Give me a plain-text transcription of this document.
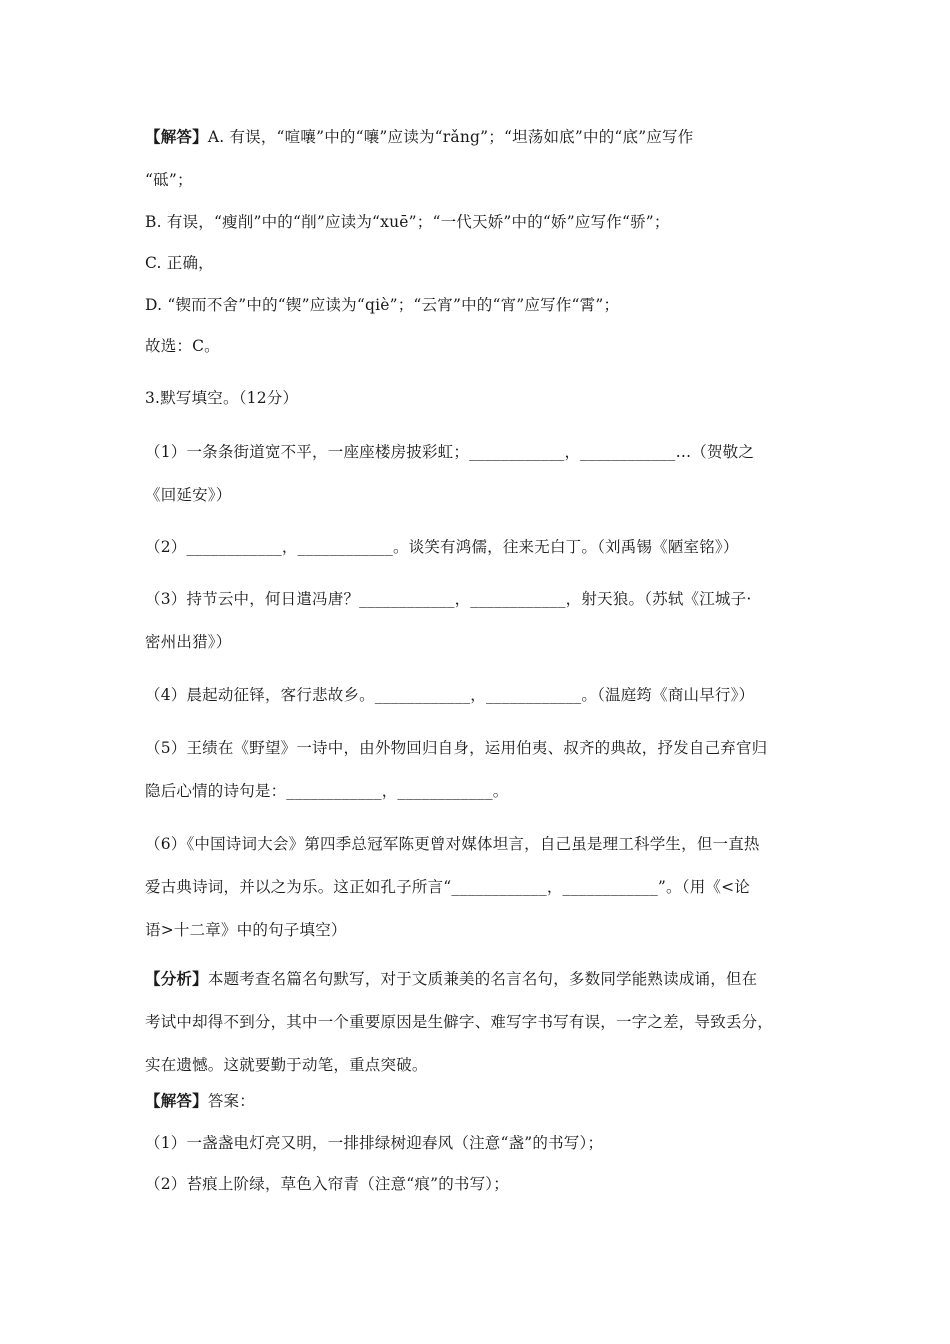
【解答】A. 有误，“喧嚷”中的“嚷”应读为“rǎng”；“坦荡如底”中的“底”应写作
“砥”；
B. 有误，“瘦削”中的“削”应读为“xuē”；“一代天娇”中的“娇”应写作“骄”；
C. 正确，
D. “锲而不舍”中的“锲”应读为“qiè”；“云宵”中的“宵”应写作“霄”；
故选：C。
3.默写填空。（12分）
（1）一条条街道宽不平，一座座楼房披彩虹；____________，____________…（贺敬之
《回延安》）
（2）____________，____________。谈笑有鸿儒，往来无白丁。（刘禹锡《陋室铭》）
（3）持节云中，何日遣冯唐？____________，____________，射天狼。（苏轼《江城子·
密州出猎》）
（4）晨起动征铎，客行悲故乡。____________，____________。（温庭筠《商山早行》）
（5）王绩在《野望》一诗中，由外物回归自身，运用伯夷、叔齐的典故，抒发自己弃官归
隐后心情的诗句是：____________，____________。
（6）《中国诗词大会》第四季总冠军陈更曾对媒体坦言，自己虽是理工科学生，但一直热
爱古典诗词，并以之为乐。这正如孔子所言“____________，____________”。（用《<论
语>十二章》中的句子填空）
【分析】本题考查名篇名句默写，对于文质兼美的名言名句，多数同学能熟读成诵，但在
考试中却得不到分，其中一个重要原因是生僻字、难写字书写有误，一字之差，导致丢分，
实在遗憾。这就要勤于动笔，重点突破。
【解答】答案：
（1）一盏盏电灯亮又明，一排排绿树迎春风（注意“盏”的书写）；
（2）苔痕上阶绿，草色入帘青（注意“痕”的书写）；
